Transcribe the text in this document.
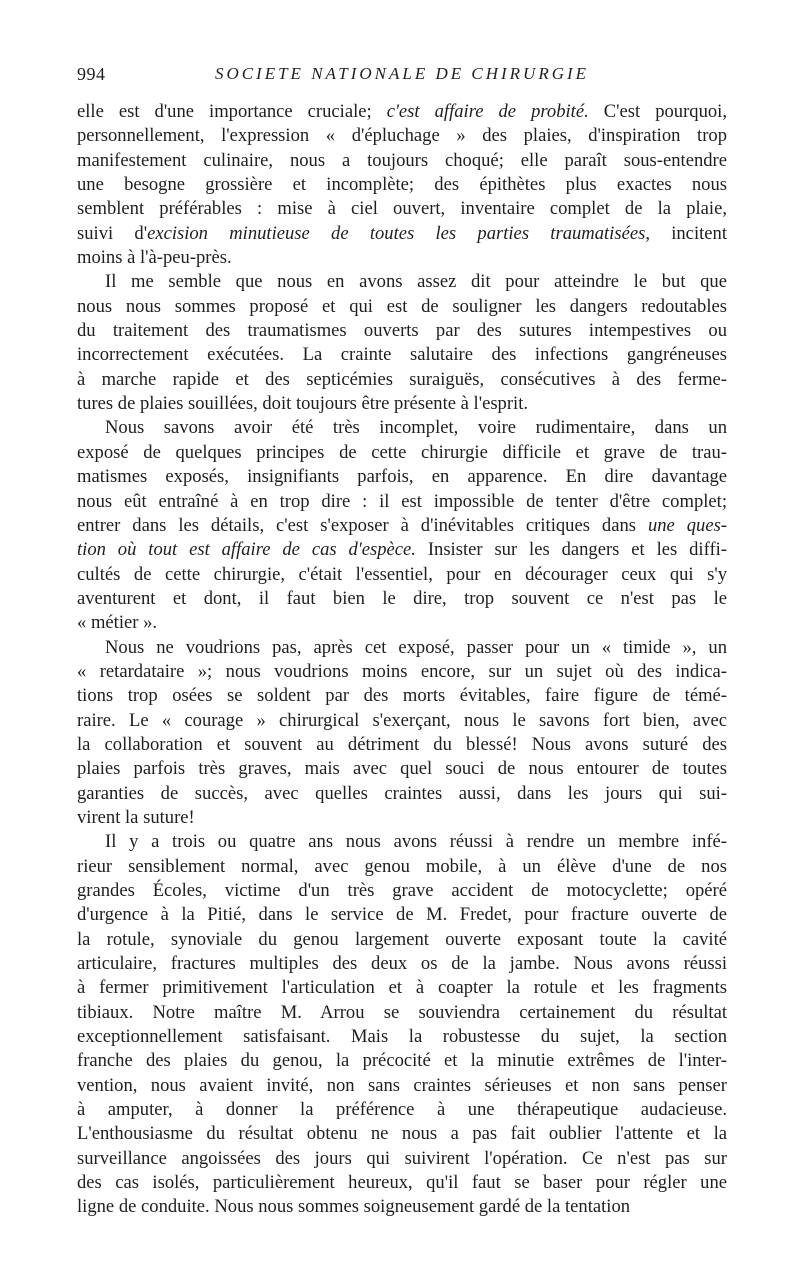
994	SOCIETE NATIONALE DE CHIRURGIE
elle est d'une importance cruciale; c'est affaire de probité. C'est pourquoi,
personnellement, l'expression « d'épluchage » des plaies, d'inspiration trop
manifestement culinaire, nous a toujours choqué; elle paraît sous-entendre
une besogne grossière et incomplète; des épithètes plus exactes nous
semblent préférables : mise à ciel ouvert, inventaire complet de la plaie,
suivi d'excision minutieuse de toutes les parties traumatisées, incitent
moins à l'à-peu-près.
Il me semble que nous en avons assez dit pour atteindre le but que
nous nous sommes proposé et qui est de souligner les dangers redoutables
du traitement des traumatismes ouverts par des sutures intempestives ou
incorrectement exécutées. La crainte salutaire des infections gangréneuses
à marche rapide et des septicémies suraiguës, consécutives à des ferme-
tures de plaies souillées, doit toujours être présente à l'esprit.
Nous savons avoir été très incomplet, voire rudimentaire, dans un
exposé de quelques principes de cette chirurgie difficile et grave de trau-
matismes exposés, insignifiants parfois, en apparence. En dire davantage
nous eût entraîné à en trop dire : il est impossible de tenter d'être complet;
entrer dans les détails, c'est s'exposer à d'inévitables critiques dans une ques-
tion où tout est affaire de cas d'espèce. Insister sur les dangers et les diffi-
cultés de cette chirurgie, c'était l'essentiel, pour en décourager ceux qui s'y
aventurent et dont, il faut bien le dire, trop souvent ce n'est pas le
« métier ».
Nous ne voudrions pas, après cet exposé, passer pour un « timide », un
« retardataire »; nous voudrions moins encore, sur un sujet où des indica-
tions trop osées se soldent par des morts évitables, faire figure de témé-
raire. Le « courage » chirurgical s'exerçant, nous le savons fort bien, avec
la collaboration et souvent au détriment du blessé! Nous avons suturé des
plaies parfois très graves, mais avec quel souci de nous entourer de toutes
garanties de succès, avec quelles craintes aussi, dans les jours qui sui-
virent la suture!
Il y a trois ou quatre ans nous avons réussi à rendre un membre infé-
rieur sensiblement normal, avec genou mobile, à un élève d'une de nos
grandes Écoles, victime d'un très grave accident de motocyclette; opéré
d'urgence à la Pitié, dans le service de M. Fredet, pour fracture ouverte de
la rotule, synoviale du genou largement ouverte exposant toute la cavité
articulaire, fractures multiples des deux os de la jambe. Nous avons réussi
à fermer primitivement l'articulation et à coapter la rotule et les fragments
tibiaux. Notre maître M. Arrou se souviendra certainement du résultat
exceptionnellement satisfaisant. Mais la robustesse du sujet, la section
franche des plaies du genou, la précocité et la minutie extrêmes de l'inter-
vention, nous avaient invité, non sans craintes sérieuses et non sans penser
à amputer, à donner la préférence à une thérapeutique audacieuse.
L'enthousiasme du résultat obtenu ne nous a pas fait oublier l'attente et la
surveillance angoissées des jours qui suivirent l'opération. Ce n'est pas sur
des cas isolés, particulièrement heureux, qu'il faut se baser pour régler une
ligne de conduite. Nous nous sommes soigneusement gardé de la tentation
